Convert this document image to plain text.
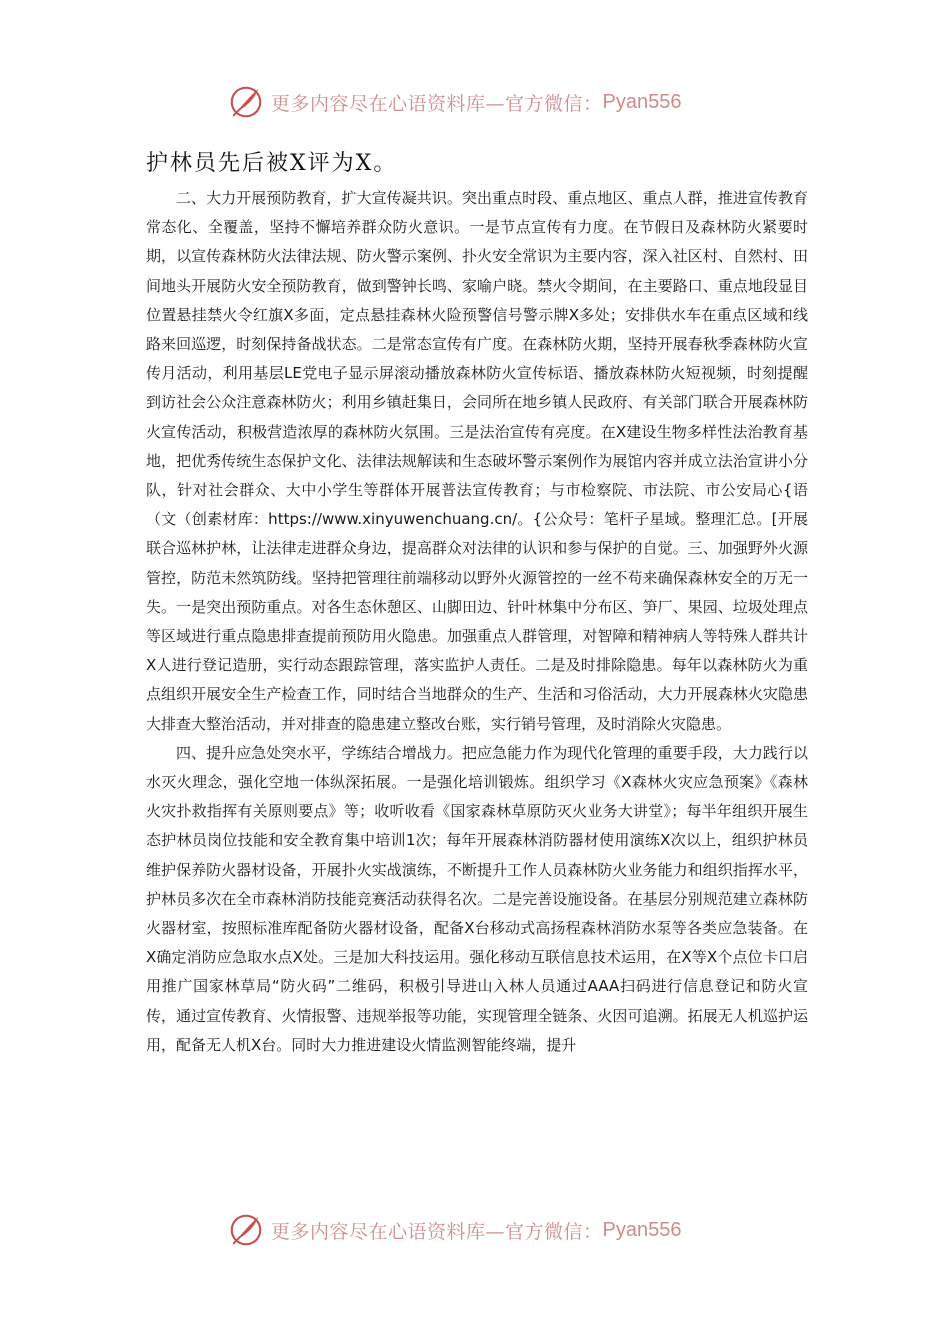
更多内容尽在心语资料库—官方微信： Pyan556
护林员先后被X评为X。

二、大力开展预防教育，扩大宣传凝共识。突出重点时段、重点地区、重点人群，推进宣传教育常态化、全覆盖，坚持不懈培养群众防火意识。一是节点宣传有力度。在节假日及森林防火紧要时期，以宣传森林防火法律法规、防火警示案例、扑火安全常识为主要内容，深入社区村、自然村、田间地头开展防火安全预防教育，做到警钟长鸣、家喻户晓。禁火令期间，在主要路口、重点地段显目位置悬挂禁火令红旗X多面，定点悬挂森林火险预警信号警示牌X多处；安排供水车在重点区域和线路来回巡逻，时刻保持备战状态。二是常态宣传有广度。在森林防火期，坚持开展春秋季森林防火宣传月活动，利用基层LE党电子显示屏滚动播放森林防火宣传标语、播放森林防火短视频，时刻提醒到访社会公众注意森林防火；利用乡镇赶集日，会同所在地乡镇人民政府、有关部门联合开展森林防火宣传活动，积极营造浓厚的森林防火氛围。三是法治宣传有亮度。在X建设生物多样性法治教育基地，把优秀传统生态保护文化、法律法规解读和生态破坏警示案例作为展馆内容并成立法治宣讲小分队，针对社会群众、大中小学生等群体开展普法宣传教育；与市检察院、市法院、市公安局心{语（文（创素材库：https://www.xinyuwenchuang.cn/。{公众号：笔杆子星域。整理汇总。[开展联合巡林护林，让法律走进群众身边，提高群众对法律的认识和参与保护的自觉。三、加强野外火源管控，防范未然筑防线。坚持把管理往前端移动以野外火源管控的一丝不苟来确保森林安全的万无一失。一是突出预防重点。对各生态休憩区、山脚田边、针叶林集中分布区、笋厂、果园、垃圾处理点等区域进行重点隐患排查提前预防用火隐患。加强重点人群管理，对智障和精神病人等特殊人群共计X人进行登记造册，实行动态跟踪管理，落实监护人责任。二是及时排除隐患。每年以森林防火为重点组织开展安全生产检查工作，同时结合当地群众的生产、生活和习俗活动，大力开展森林火灾隐患大排查大整治活动，并对排查的隐患建立整改台账，实行销号管理，及时消除火灾隐患。

四、提升应急处突水平，学练结合增战力。把应急能力作为现代化管理的重要手段，大力践行以水灭火理念，强化空地一体纵深拓展。一是强化培训锻炼。组织学习《X森林火灾应急预案》《森林火灾扑救指挥有关原则要点》等；收听收看《国家森林草原防灭火业务大讲堂》；每半年组织开展生态护林员岗位技能和安全教育集中培训1次；每年开展森林消防器材使用演练X次以上，组织护林员维护保养防火器材设备，开展扑火实战演练，不断提升工作人员森林防火业务能力和组织指挥水平，护林员多次在全市森林消防技能竞赛活动获得名次。二是完善设施设备。在基层分别规范建立森林防火器材室，按照标准库配备防火器材设备，配备X台移动式高扬程森林消防水泵等各类应急装备。在X确定消防应急取水点X处。三是加大科技运用。强化移动互联信息技术运用，在X等X个点位卡口启用推广国家林草局“防火码”二维码，积极引导进山入林人员通过AAA扫码进行信息登记和防火宣传，通过宣传教育、火情报警、违规举报等功能，实现管理全链条、火因可追溯。拓展无人机巡护运用，配备无人机X台。同时大力推进建设火情监测智能终端，提升

更多内容尽在心语资料库—官方微信： Pyan556
